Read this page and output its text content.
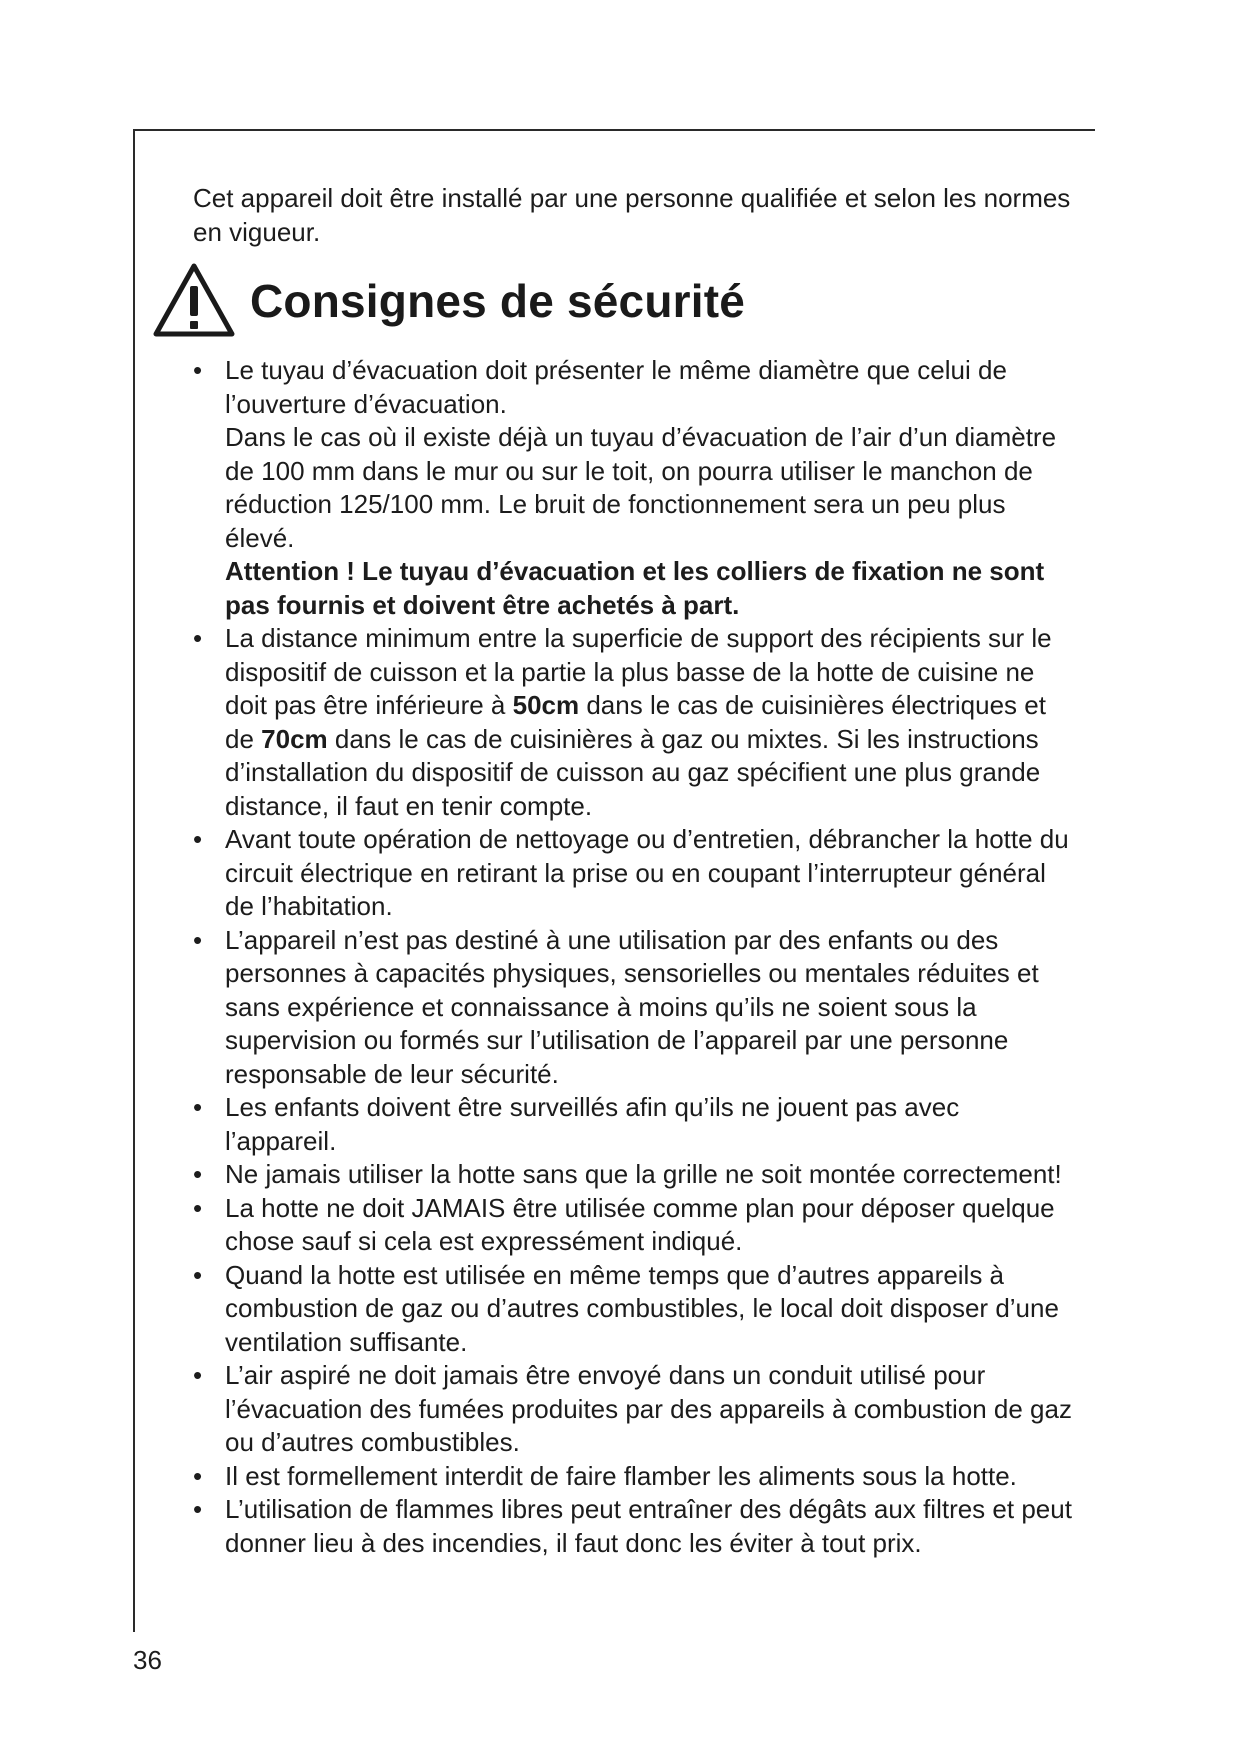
Cet appareil doit être installé par une personne qualifiée et selon les normes en vigueur.

Consignes de sécurité
• Le tuyau d’évacuation doit présenter le même diamètre que celui de l’ouverture d’évacuation.
Dans le cas où il existe déjà un tuyau d’évacuation de l’air d’un diamètre de 100 mm dans le mur ou sur le toit, on pourra utiliser le manchon de réduction 125/100 mm. Le bruit de fonctionnement sera un peu plus élevé.
Attention ! Le tuyau d’évacuation et les colliers de fixation ne sont pas fournis et doivent être achetés à part.
• La distance minimum entre la superficie de support des récipients sur le dispositif de cuisson et la partie la plus basse de la hotte de cuisine ne doit pas être inférieure à 50cm dans le cas de cuisinières électriques et de 70cm dans le cas de cuisinières à gaz ou mixtes. Si les instructions d’installation du dispositif de cuisson au gaz spécifient une plus grande distance, il faut en tenir compte.
• Avant toute opération de nettoyage ou d’entretien, débrancher la hotte du circuit électrique en retirant la prise ou en coupant l’interrupteur général de l’habitation.
• L’appareil n’est pas destiné à une utilisation par des enfants ou des personnes à capacités physiques, sensorielles ou mentales réduites et sans expérience et connaissance à moins qu’ils ne soient sous la supervision ou formés sur l’utilisation de l’appareil par une personne responsable de leur sécurité.
• Les enfants doivent être surveillés afin qu’ils ne jouent pas avec l’appareil.
• Ne jamais utiliser la hotte sans que la grille ne soit montée correctement!
• La hotte ne doit JAMAIS être utilisée comme plan pour déposer quelque chose sauf si cela est expressément indiqué.
• Quand la hotte est utilisée en même temps que d’autres appareils à combustion de gaz ou d’autres combustibles, le local doit disposer d’une ventilation suffisante.
• L’air aspiré ne doit jamais être envoyé dans un conduit utilisé pour l’évacuation des fumées produites par des appareils à combustion de gaz ou d’autres combustibles.
• Il est formellement interdit de faire flamber les aliments sous la hotte.
• L’utilisation de flammes libres peut entraîner des dégâts aux filtres et peut donner lieu à des incendies, il faut donc les éviter à tout prix.
36
